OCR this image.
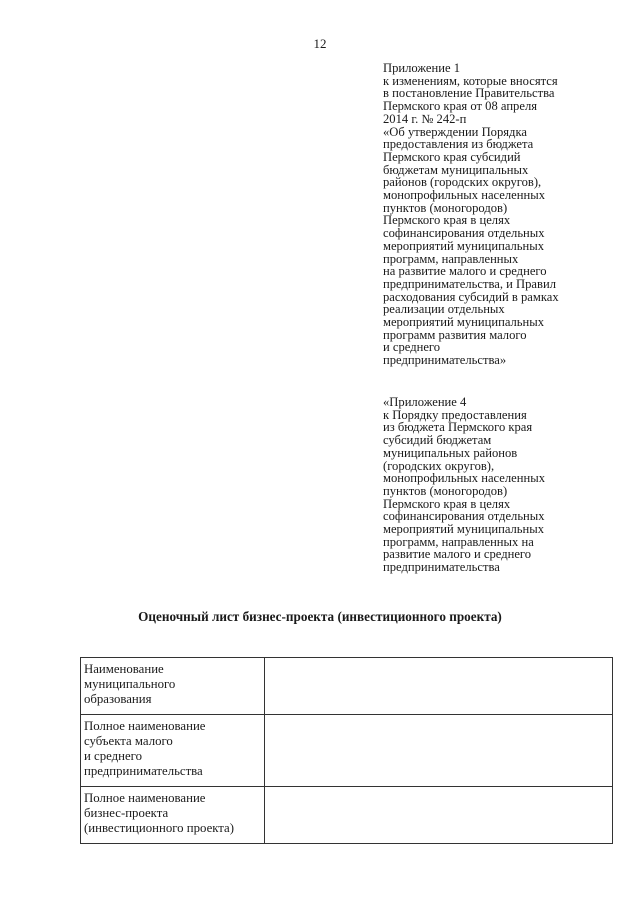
12
Приложение 1
к изменениям, которые вносятся
в постановление Правительства
Пермского края от 08 апреля
2014 г. № 242-п
«Об утверждении Порядка
предоставления из бюджета
Пермского края субсидий
бюджетам муниципальных
районов (городских округов),
монопрофильных населенных
пунктов (моногородов)
Пермского края в целях
софинансирования отдельных
мероприятий муниципальных
программ, направленных
на развитие малого и среднего
предпринимательства, и Правил
расходования субсидий в рамках
реализации отдельных
мероприятий муниципальных
программ развития малого
и среднего
предпринимательства»
«Приложение 4
к Порядку предоставления
из бюджета Пермского края
субсидий бюджетам
муниципальных районов
(городских округов),
монопрофильных населенных
пунктов (моногородов)
Пермского края в целях
софинансирования отдельных
мероприятий муниципальных
программ, направленных на
развитие малого и среднего
предпринимательства
Оценочный лист бизнес-проекта (инвестиционного проекта)
Наименование
муниципального
образования	

Полное наименование
субъекта малого
и среднего
предпринимательства	

Полное наименование
бизнес-проекта
(инвестиционного проекта)	
